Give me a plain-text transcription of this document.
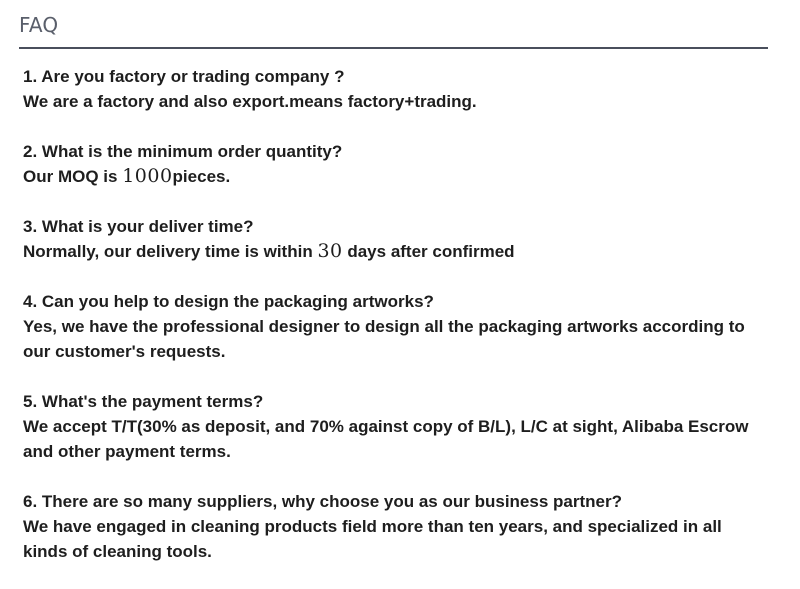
FAQ
1. Are you factory or trading company ?
We are a factory and also export.means factory+trading.
2. What is the minimum order quantity?
Our MOQ is 1000pieces.
3. What is your deliver time?
Normally, our delivery time is within 30 days after confirmed
4. Can you help to design the packaging artworks?
Yes, we have the professional designer to design all the packaging artworks according to our customer's requests.
5. What's the payment terms?
We accept T/T(30% as deposit, and 70% against copy of B/L), L/C at sight, Alibaba Escrow and other payment terms.
6. There are so many suppliers, why choose you as our business partner?
We have engaged in cleaning products field more than ten years, and specialized in all kinds of cleaning tools.
